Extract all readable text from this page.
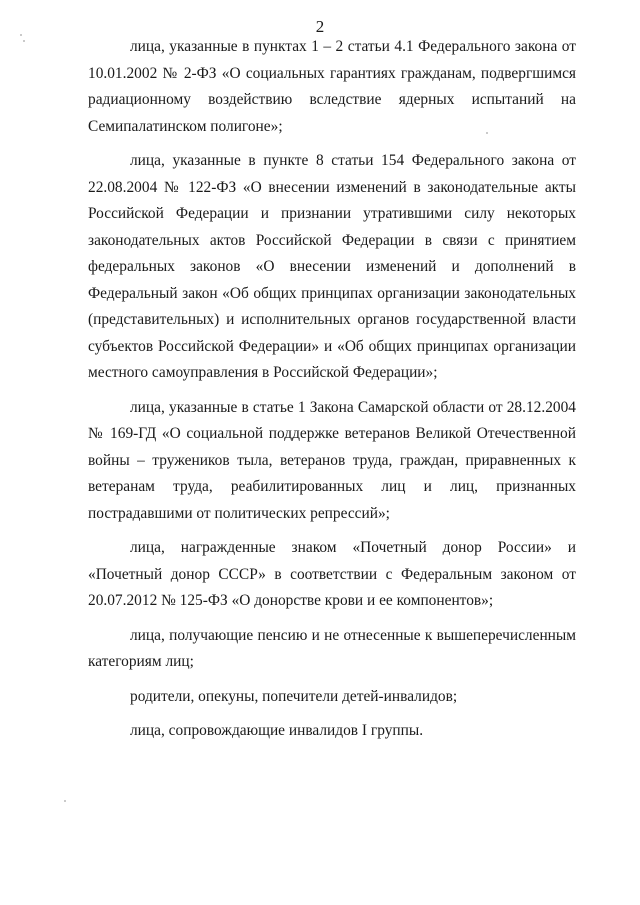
2

лица, указанные в пунктах 1 – 2 статьи 4.1 Федерального закона от 10.01.2002 № 2-ФЗ «О социальных гарантиях гражданам, подвергшимся радиационному воздействию вследствие ядерных испытаний на Семипалатинском полигоне»;

лица, указанные в пункте 8 статьи 154 Федерального закона от 22.08.2004 № 122-ФЗ «О внесении изменений в законодательные акты Российской Федерации и признании утратившими силу некоторых законодательных актов Российской Федерации в связи с принятием федеральных законов «О внесении изменений и дополнений в Федеральный закон «Об общих принципах организации законодательных (представительных) и исполнительных органов государственной власти субъектов Российской Федерации» и «Об общих принципах организации местного самоуправления в Российской Федерации»;

лица, указанные в статье 1 Закона Самарской области от 28.12.2004 № 169-ГД «О социальной поддержке ветеранов Великой Отечественной войны – тружеников тыла, ветеранов труда, граждан, приравненных к ветеранам труда, реабилитированных лиц и лиц, признанных пострадавшими от политических репрессий»;

лица, награжденные знаком «Почетный донор России» и «Почетный донор СССР» в соответствии с Федеральным законом от 20.07.2012 № 125-ФЗ «О донорстве крови и ее компонентов»;

лица, получающие пенсию и не отнесенные к вышеперечисленным категориям лиц;

родители, опекуны, попечители детей-инвалидов;

лица, сопровождающие инвалидов I группы.
